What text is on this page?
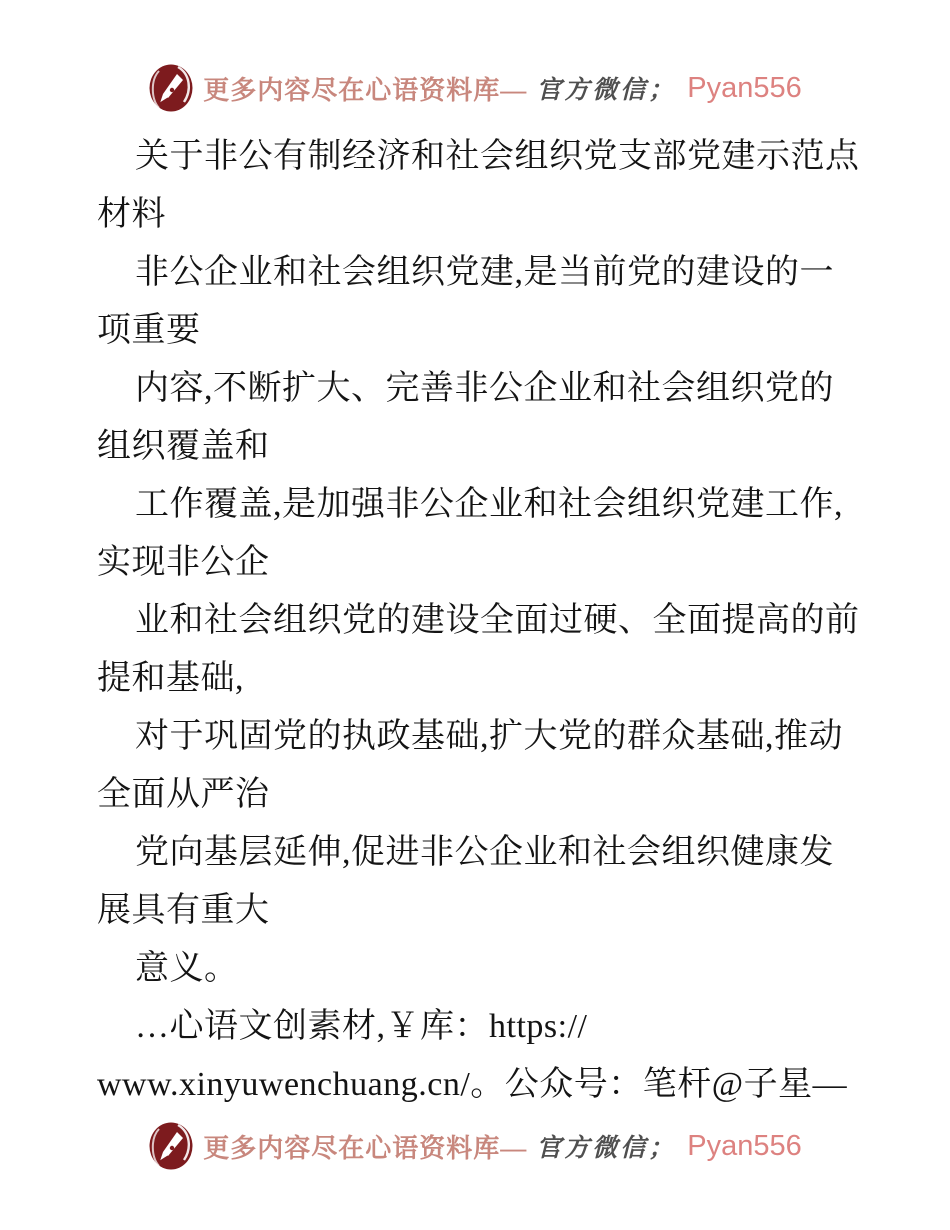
更多内容尽在心语资料库— 官方微信； Pyan556
关于非公有制经济和社会组织党支部党建示范点
材料
非公企业和社会组织党建,是当前党的建设的一
项重要
内容,不断扩大、完善非公企业和社会组织党的
组织覆盖和
工作覆盖,是加强非公企业和社会组织党建工作,
实现非公企
业和社会组织党的建设全面过硬、全面提高的前
提和基础,
对于巩固党的执政基础,扩大党的群众基础,推动
全面从严治
党向基层延伸,促进非公企业和社会组织健康发
展具有重大
意义。
…心语文创素材,￥库：https://
www.xinyuwenchuang.cn/。公众号：笔杆@子星—
更多内容尽在心语资料库— 官方微信； Pyan556
